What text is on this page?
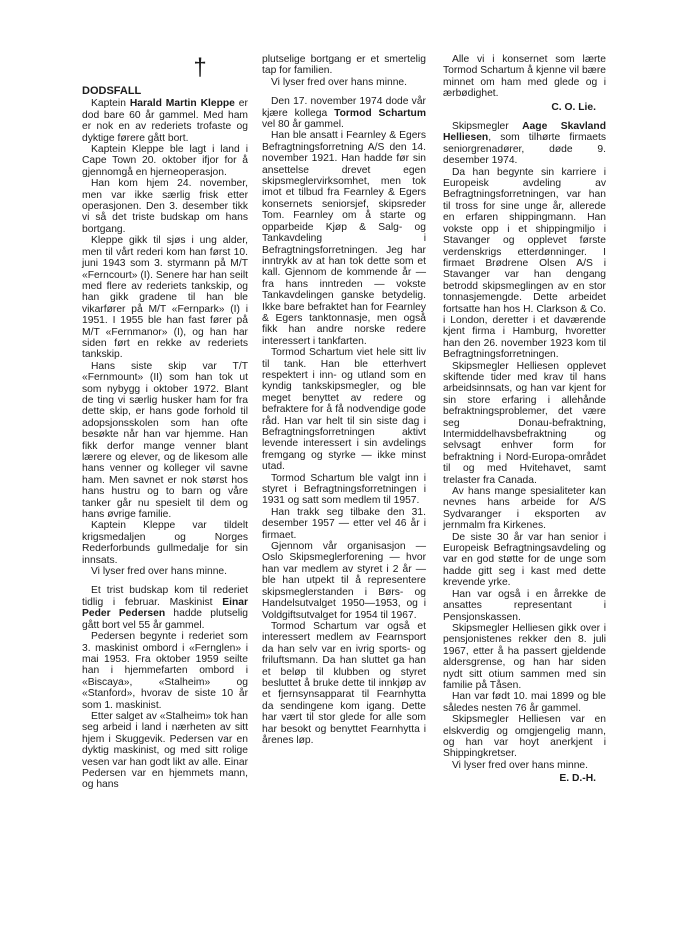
†
DODSFALL

Kaptein Harald Martin Kleppe er dod bare 60 år gammel. Med ham er nok en av rederiets trofaste og dyktige førere gått bort.

Kaptein Kleppe ble lagt i land i Cape Town 20. oktober ifjor for å gjennomgå en hjerneoperasjon.

Han kom hjem 24. november, men var ikke særlig frisk etter operasjonen. Den 3. desember tikk vi så det triste budskap om hans bortgang.

Kleppe gikk til sjøs i ung alder, men til vårt rederi kom han først 10. juni 1943 som 3. styrmann på M/T «Ferncourt» (I). Senere har han seilt med flere av rederiets tankskip, og han gikk gradene til han ble vikarfører på M/T «Fernpark» (I) i 1951. I 1955 ble han fast fører på M/T «Fernmanor» (I), og han har siden ført en rekke av rederiets tankskip.

Hans siste skip var T/T «Fernmount» (II) som han tok ut som nybygg i oktober 1972. Blant de ting vi særlig husker ham for fra dette skip, er hans gode forhold til adopsjonsskolen som han ofte besøkte når han var hjemme. Han fikk derfor mange venner blant lærere og elever, og de likesom alle hans venner og kolleger vil savne ham. Men savnet er nok størst hos hans hustru og to barn og våre tanker går nu spesielt til dem og hans øvrige familie.

Kaptein Kleppe var tildelt krigsmedaljen og Norges Rederforbunds gullmedalje for sin innsats.

Vi lyser fred over hans minne.

Et trist budskap kom til rederiet tidlig i februar. Maskinist Einar Peder Pedersen hadde plutselig gått bort vel 55 år gammel.

Pedersen begynte i rederiet som 3. maskinist ombord i «Fernglen» i mai 1953. Fra oktober 1959 seilte han i hjemmefarten ombord i «Biscaya», «Stalheim» og «Stanford», hvorav de siste 10 år som 1. maskinist.

Etter salget av «Stalheim» tok han seg arbeid i land i nærheten av sitt hjem i Skuggevik. Pedersen var en dyktig maskinist, og med sitt rolige vesen var han godt likt av alle. Einar Pedersen var en hjemmets mann, og hans

plutselige bortgang er et smertelig tap for familien.

Vi lyser fred over hans minne.

Den 17. november 1974 dode vår kjære kollega Tormod Schartum vel 80 år gammel.

Han ble ansatt i Fearnley & Egers Befragtningsforretning A/S den 14. november 1921. Han hadde før sin ansettelse drevet egen skipsmeglervirksomhet, men tok imot et tilbud fra Fearnley & Egers konsernets seniorsjef, skipsreder Tom. Fearnley om å starte og opparbeide Kjøp & Salg- og Tankavdeling i Befragtningsforretningen. Jeg har inntrykk av at han tok dette som et kall. Gjennom de kommende år — fra hans inntreden — vokste Tankavdelingen ganske betydelig. Ikke bare befraktet han for Fearnley & Egers tanktonnasje, men også fikk han andre norske redere interessert i tankfarten.

Tormod Schartum viet hele sitt liv til tank. Han ble etterhvert respektert i inn- og utland som en kyndig tankskipsmegler, og ble meget benyttet av redere og befraktere for å få nodvendige gode råd. Han var helt til sin siste dag i Befragtningsforretningen aktivt levende interessert i sin avdelings fremgang og styrke — ikke minst utad.

Tormod Schartum ble valgt inn i styret i Befragtningsforretningen i 1931 og satt som medlem til 1957.

Han trakk seg tilbake den 31. desember 1957 — etter vel 46 år i firmaet.

Gjennom vår organisasjon — Oslo Skipsmeglerforening — hvor han var medlem av styret i 2 år — ble han utpekt til å representere skipsmeglerstanden i Børs- og Handelsutvalget 1950—1953, og i Voldgiftsutvalget for 1954 til 1967.

Tormod Schartum var også et interessert medlem av Fearnsport da han selv var en ivrig sports- og friluftsmann. Da han sluttet ga han et beløp til klubben og styret besluttet å bruke dette til innkjøp av et fjernsynsapparat til Fearnhytta da sendingene kom igang. Dette har vært til stor glede for alle som har besokt og benyttet Fearnhytta i årenes løp.

Alle vi i konsernet som lærte Tormod Schartum å kjenne vil bære minnet om ham med glede og i ærbødighet.

C. O. Lie.

Skipsmegler Aage Skavland Helliesen, som tilhørte firmaets seniorgrenadører, døde 9. desember 1974.

Da han begynte sin karriere i Europeisk avdeling av Befragtningsforretningen, var han til tross for sine unge år, allerede en erfaren shippingmann. Han vokste opp i et shippingmiljo i Stavanger og opplevet første verdenskrigs etterdønninger. I firmaet Brødrene Olsen A/S i Stavanger var han dengang betrodd skipsmeglingen av en stor tonnasjemengde. Dette arbeidet fortsatte han hos H. Clarkson & Co. i London, deretter i et daværende kjent firma i Hamburg, hvoretter han den 26. november 1923 kom til Befragtningsforretningen.

Skipsmegler Helliesen opplevet skiftende tider med krav til hans arbeidsinnsats, og han var kjent for sin store erfaring i allehånde befraktningsproblemer, det være seg Donau-befraktning, Intermiddelhavsbefraktning og selvsagt enhver form for befraktning i Nord-Europa-området til og med Hvitehavet, samt trelaster fra Canada.

Av hans mange spesialiteter kan nevnes hans arbeide for A/S Sydvaranger i eksporten av jernmalm fra Kirkenes.

De siste 30 år var han senior i Europeisk Befragtningsavdeling og var en god støtte for de unge som hadde gitt seg i kast med dette krevende yrke.

Han var også i en årrekke de ansattes representant i Pensjonskassen.

Skipsmegler Helliesen gikk over i pensjonistenes rekker den 8. juli 1967, etter å ha passert gjeldende aldersgrense, og han har siden nydt sitt otium sammen med sin familie på Tåsen.

Han var født 10. mai 1899 og ble således nesten 76 år gammel.

Skipsmegler Helliesen var en elskverdig og omgjengelig mann, og han var hoyt anerkjent i Shippingkretser.

Vi lyser fred over hans minne.

E. D.-H.
